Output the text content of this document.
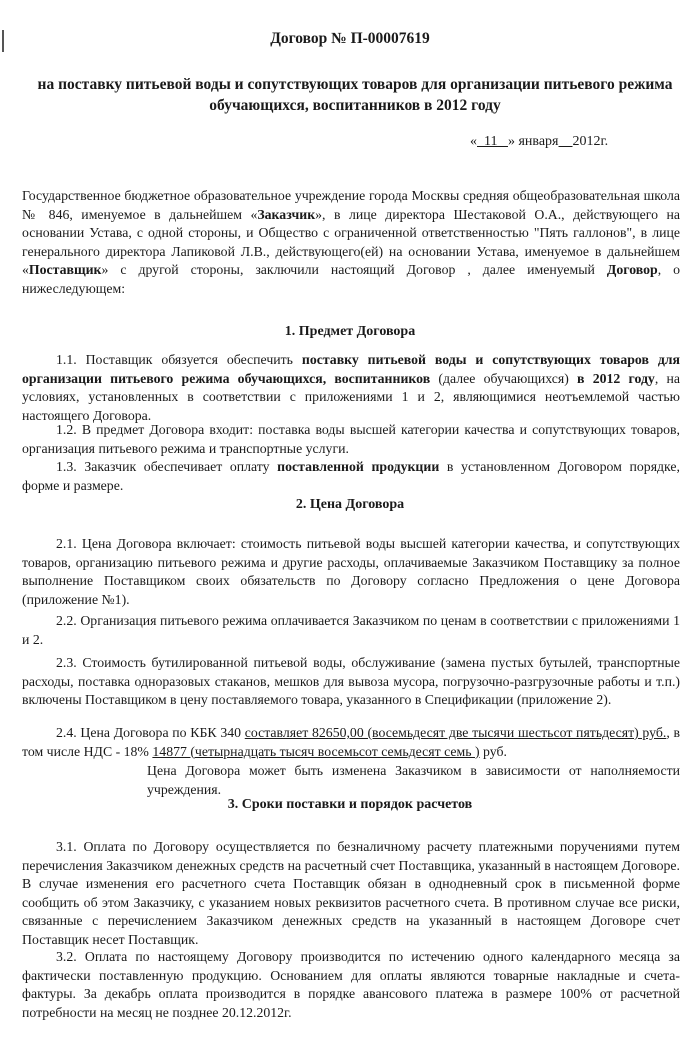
Договор № П-00007619
на поставку питьевой воды и сопутствующих товаров для организации питьевого режима обучающихся, воспитанников в 2012 году
« 11 » января 2012г.

Государственное бюджетное образовательное учреждение города Москвы средняя общеобразовательная школа № 846, именуемое в дальнейшем «Заказчик», в лице директора Шестаковой О.А., действующего на основании Устава, с одной стороны, и Общество с ограниченной ответственностью "Пять галлонов", в лице генерального директора Лапиковой Л.В., действующего(ей) на основании Устава, именуемое в дальнейшем «Поставщик» с другой стороны, заключили настоящий Договор , далее именуемый Договор, о нижеследующем:

1. Предмет Договора

1.1. Поставщик обязуется обеспечить поставку питьевой воды и сопутствующих товаров для организации питьевого режима обучающихся, воспитанников (далее обучающихся) в 2012 году, на условиях, установленных в соответствии с приложениями 1 и 2, являющимися неотъемлемой частью настоящего Договора.

1.2. В предмет Договора входит: поставка воды высшей категории качества и сопутствующих товаров, организация питьевого режима и транспортные услуги.

1.3. Заказчик обеспечивает оплату поставленной продукции в установленном Договором порядке, форме и размере.

2. Цена Договора

2.1. Цена Договора включает: стоимость питьевой воды высшей категории качества, и сопутствующих товаров, организацию питьевого режима и другие расходы, оплачиваемые Заказчиком Поставщику за полное выполнение Поставщиком своих обязательств по Договору согласно Предложения о цене Договора (приложение №1).

2.2. Организация питьевого режима оплачивается Заказчиком по ценам в соответствии с приложениями 1 и 2.

2.3. Стоимость бутилированной питьевой воды, обслуживание (замена пустых бутылей, транспортные расходы, поставка одноразовых стаканов, мешков для вывоза мусора, погрузочно-разгрузочные работы и т.п.) включены Поставщиком в цену поставляемого товара, указанного в Спецификации (приложение 2).

2.4. Цена Договора по КБК 340 составляет 82650,00 (восемьдесят две тысячи шестьсот пятьдесят) руб., в том числе НДС - 18% 14877 (четырнадцать тысяч восемьсот семьдесят семь ) руб.

Цена Договора может быть изменена Заказчиком в зависимости от наполняемости учреждения.

3. Сроки поставки и порядок расчетов

3.1. Оплата по Договору осуществляется по безналичному расчету платежными поручениями путем перечисления Заказчиком денежных средств на расчетный счет Поставщика, указанный в настоящем Договоре. В случае изменения его расчетного счета Поставщик обязан в однодневный срок в письменной форме сообщить об этом Заказчику, с указанием новых реквизитов расчетного счета. В противном случае все риски, связанные с перечислением Заказчиком денежных средств на указанный в настоящем Договоре счет Поставщик несет Поставщик.

3.2. Оплата по настоящему Договору производится по истечению одного календарного месяца за фактически поставленную продукцию. Основанием для оплаты являются товарные накладные и счета-фактуры. За декабрь оплата производится в порядке авансового платежа в размере 100% от расчетной потребности на месяц не позднее 20.12.2012г.
